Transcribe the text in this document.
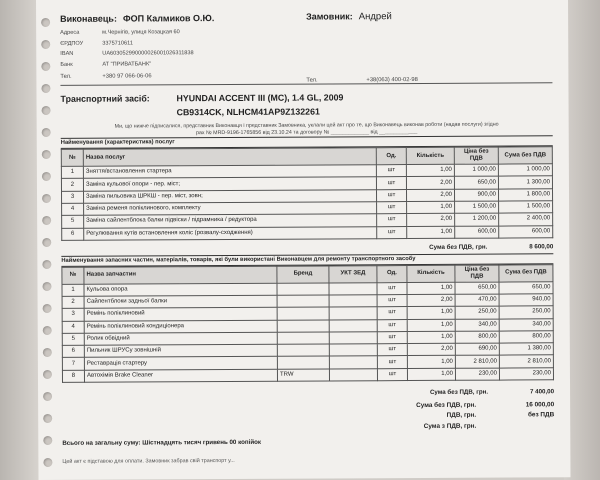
Виконавець: ФОП Калмиков О.Ю.	Замовник: Андрей
Адреса	м.Чернігів, улиця Козацкая 60
ЄРДПОУ	3375710611
IBAN	UA603052990000026001026311838
Банк	АТ "ПРИВАТБАНК"
Тел.	+380 97 066-06-06
Тел.	+38(063) 400-02-98
Транспортний засіб:	HYUNDAI ACCENT III (MC), 1.4 GL, 2009
CB9314CK, NLHCM41AP9Z132261
Ми, що нижче підписалися, представник Виконавця і представник Замовника, уклали цей акт про те, що Виконавець виконав роботи (надав послуги) згідно
рах № MRD-9196-1765856 від 23.10.24 та договору № _____________ від _____________
Найменування (характеристика) послуг
№	Назва послуг	Од.	Кількість	Ціна без ПДВ	Сума без ПДВ
1	Зняття/встановлення стартера	шт	1,00	1 000,00	1 000,00
2	Заміна кульової опори - пер. міст;	шт	2,00	650,00	1 300,00
3	Заміна пильовика ШРКШ - пер. міст, зовн;	шт	2,00	900,00	1 800,00
4	Заміна ременя поліклинового, комплекту	шт	1,00	1 500,00	1 500,00
5	Заміна сайлентблока балки підвіски / підрамника / редуктора	шт	2,00	1 200,00	2 400,00
6	Регулювання кутів встановлення коліс (розвалу-сходження)	шт	1,00	600,00	600,00
Сума без ПДВ, грн.	8 600,00
Найменування запасних частин, матеріалів, товарів, які були використані Виконавцем для ремонту транспортного засобу
№	Назва запчастин	Бренд	УКТ ЗЕД	Од.	Кількість	Ціна без ПДВ	Сума без ПДВ
1	Кульова опора			шт	1,00	650,00	650,00
2	Сайлентблоки задньої балки			шт	2,00	470,00	940,00
3	Ремінь поліклиновий			шт	1,00	250,00	250,00
4	Ремінь поліклиновий кондиціонера			шт	1,00	340,00	340,00
5	Ролик обвідний			шт	1,00	800,00	800,00
6	Пильник ШРУСу зовнішній			шт	2,00	690,00	1 380,00
7	Реставрація стартеру			шт	1,00	2 810,00	2 810,00
8	Автохімія Brake Cleaner	TRW		шт	1,00	230,00	230,00
Сума без ПДВ, грн.	7 400,00
Сума без ПДВ, грн.	16 000,00
ПДВ, грн.	без ПДВ
Сума з ПДВ, грн.
Всього на загальну суму: Шістнадцять тисяч гривень 00 копійок
Цей акт є підставою для оплати. Замовник забрав свій транспорт у...
